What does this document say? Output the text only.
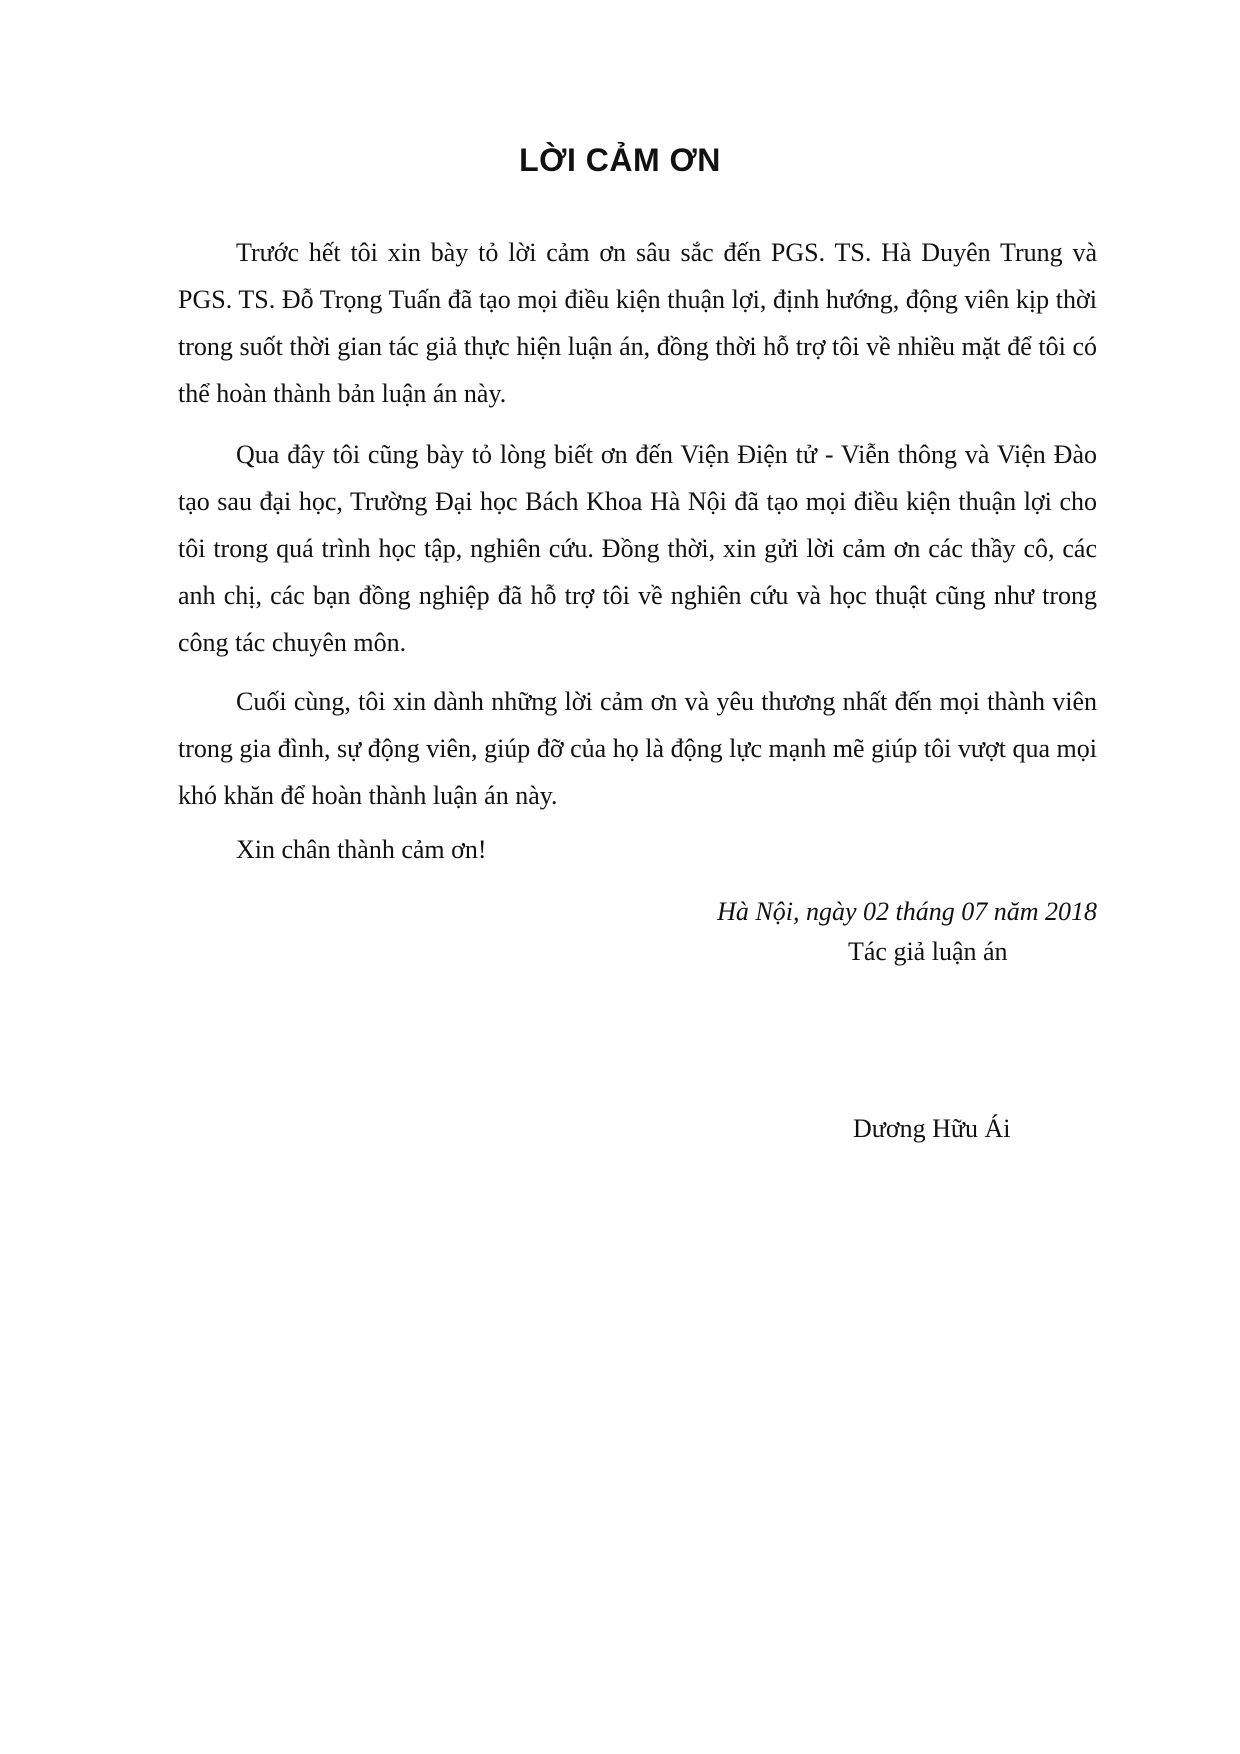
LỜI CẢM ƠN

Trước hết tôi xin bày tỏ lời cảm ơn sâu sắc đến PGS. TS. Hà Duyên Trung và PGS. TS. Đỗ Trọng Tuấn đã tạo mọi điều kiện thuận lợi, định hướng, động viên kịp thời trong suốt thời gian tác giả thực hiện luận án, đồng thời hỗ trợ tôi về nhiều mặt để tôi có thể hoàn thành bản luận án này.

Qua đây tôi cũng bày tỏ lòng biết ơn đến Viện Điện tử - Viễn thông và Viện Đào tạo sau đại học, Trường Đại học Bách Khoa Hà Nội đã tạo mọi điều kiện thuận lợi cho tôi trong quá trình học tập, nghiên cứu. Đồng thời, xin gửi lời cảm ơn các thầy cô, các anh chị, các bạn đồng nghiệp đã hỗ trợ tôi về nghiên cứu và học thuật cũng như trong công tác chuyên môn.

Cuối cùng, tôi xin dành những lời cảm ơn và yêu thương nhất đến mọi thành viên trong gia đình, sự động viên, giúp đỡ của họ là động lực mạnh mẽ giúp tôi vượt qua mọi khó khăn để hoàn thành luận án này.

Xin chân thành cảm ơn!

Hà Nội, ngày 02 tháng 07 năm 2018
Tác giả luận án
Dương Hữu Ái
